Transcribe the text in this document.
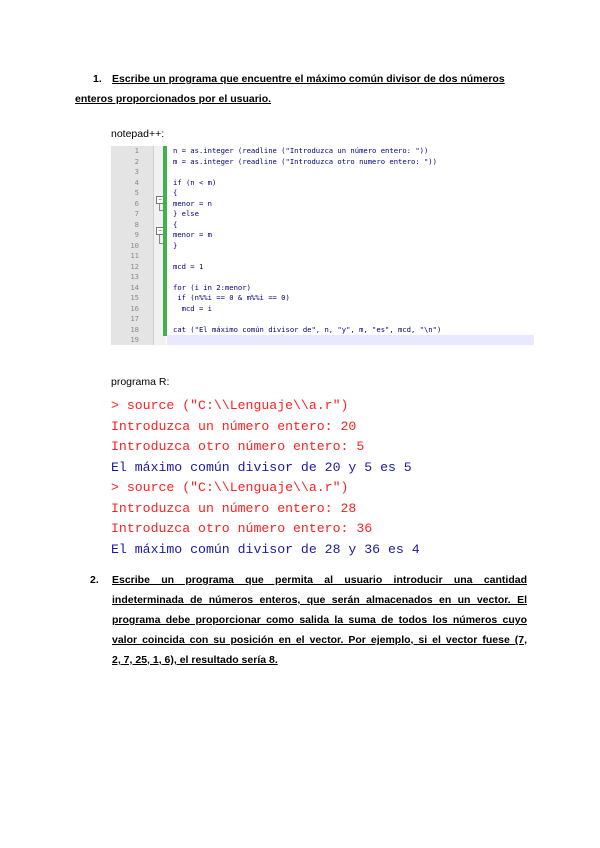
1. Escribe un programa que encuentre el máximo común divisor de dos números
enteros proporcionados por el usuario.
notepad++:
1
2
3
4
5
6
7
8
9
10
11
12
13
14
15
16
17
18
19
−
−
n = as.integer (readline ("Introduzca un número entero: "))
m = as.integer (readline ("Introduzca otro numero entero: "))
if (n < m)
{
menor = n
} else
{
menor = m
}
mcd = 1
for (i in 2:menor)
if (n%%i == 0 & m%%i == 0)
mcd = i
cat ("El máximo común divisor de", n, "y", m, "es", mcd, "\n")
programa R:
> source ("C:\\Lenguaje\\a.r")
Introduzca un número entero: 20
Introduzca otro número entero: 5
El máximo común divisor de 20 y 5 es 5
> source ("C:\\Lenguaje\\a.r")
Introduzca un número entero: 28
Introduzca otro número entero: 36
El máximo común divisor de 28 y 36 es 4
2. Escribe un programa que permita al usuario introducir una cantidad
indeterminada de números enteros, que serán almacenados en un vector. El
programa debe proporcionar como salida la suma de todos los números cuyo
valor coincida con su posición en el vector. Por ejemplo, si el vector fuese (7,
2, 7, 25, 1, 6), el resultado sería 8.
